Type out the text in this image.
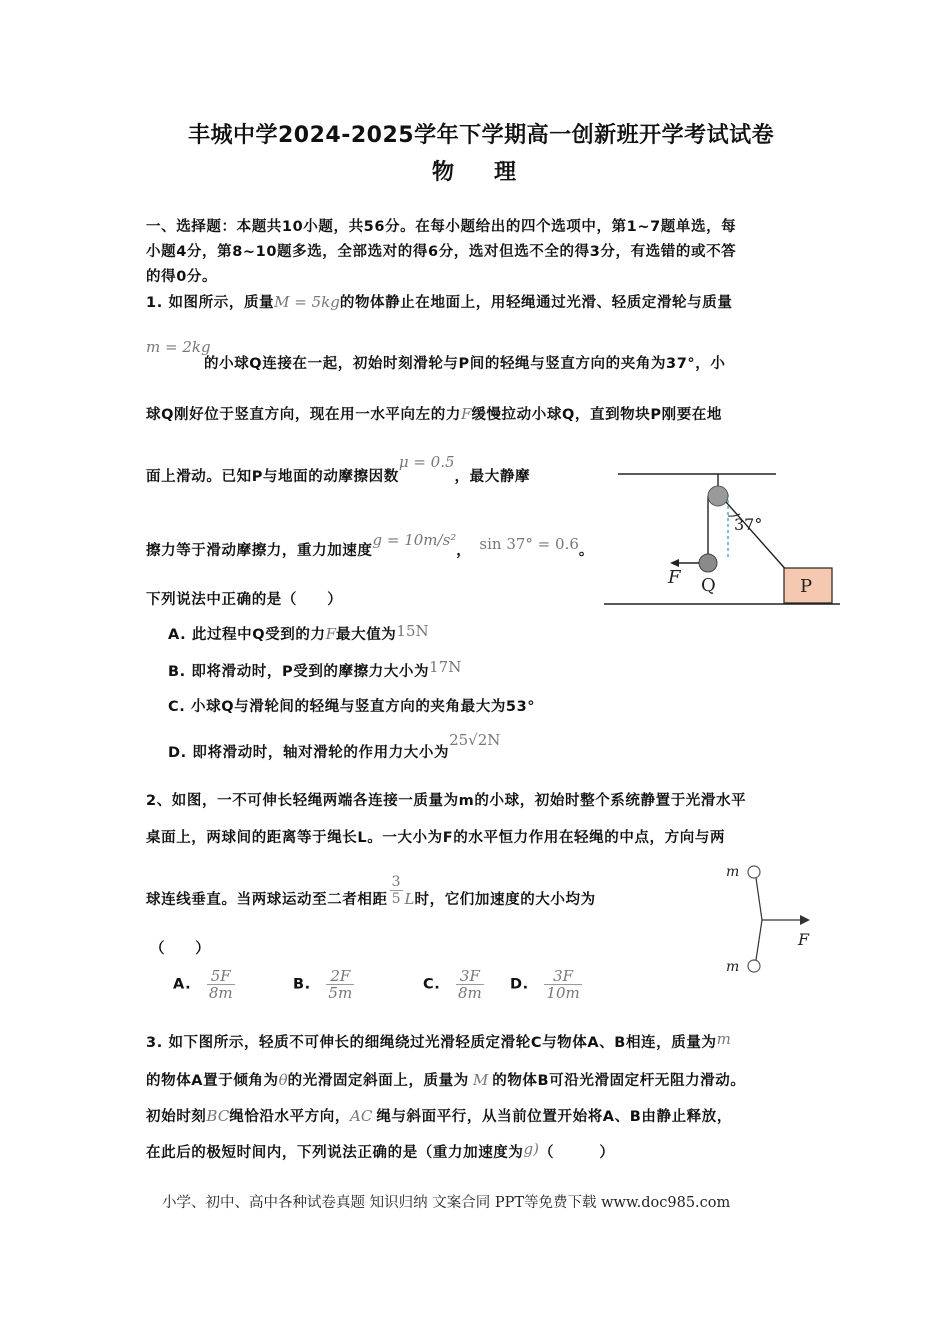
丰城中学2024-2025学年下学期高一创新班开学考试试卷
物理
一、选择题：本题共10小题，共56分。在每小题给出的四个选项中，第1~7题单选，每
小题4分，第8~10题多选，全部选对的得6分，选对但选不全的得3分，有选错的或不答
的得0分。
1. 如图所示，质量M = 5kg的物体静止在地面上，用轻绳通过光滑、轻质定滑轮与质量
m = 2kg
的小球Q连接在一起，初始时刻滑轮与P间的轻绳与竖直方向的夹角为37°，小
球Q刚好位于竖直方向，现在用一水平向左的力F缓慢拉动小球Q，直到物块P刚要在地
面上滑动。已知P与地面的动摩擦因数μ = 0.5，最大静摩
擦力等于滑动摩擦力，重力加速度g = 10m/s²， sin 37° = 0.6。
下列说法中正确的是（　　）
A. 此过程中Q受到的力F最大值为15N
B. 即将滑动时，P受到的摩擦力大小为17N
C. 小球Q与滑轮间的轻绳与竖直方向的夹角最大为53°
D. 即将滑动时，轴对滑轮的作用力大小为25√2N
37°
F Q	P
2、如图，一不可伸长轻绳两端各连接一质量为m的小球，初始时整个系统静置于光滑水平
桌面上，两球间的距离等于绳长L。一大小为F的水平恒力作用在轻绳的中点，方向与两
球连线垂直。当两球运动至二者相距 $\frac{3}{5}$ L时，它们加速度的大小均为
（　　）
A. $\frac{5F}{8m}$	B. $\frac{2F}{5m}$	C. $\frac{3F}{8m} D$. $\frac{3F}{10m}$
m
m
F
3. 如下图所示，轻质不可伸长的细绳绕过光滑轻质定滑轮C与物体A、B相连，质量为m
的物体A置于倾角为θ的光滑固定斜面上，质量为 M 的物体B可沿光滑固定杆无阻力滑动。
初始时刻BC绳恰沿水平方向，AC 绳与斜面平行，从当前位置开始将A、B由静止释放，
在此后的极短时间内，下列说法正确的是（重力加速度为g)（　　　）
小学、初中、高中各种试卷真题 知识归纳 文案合同 PPT等免费下载 www.doc985.com
